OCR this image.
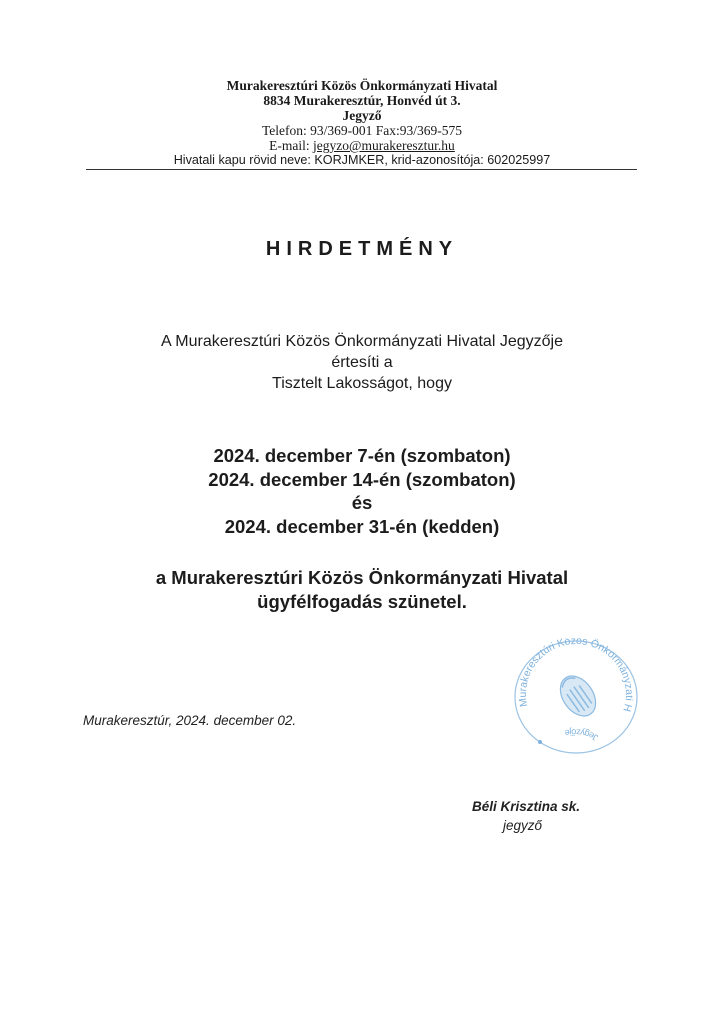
Murakeresztúri Közös Önkormányzati Hivatal
8834 Murakeresztúr, Honvéd út 3.
Jegyző
Telefon: 93/369-001 Fax:93/369-575
E-mail: jegyzo@murakeresztur.hu
Hivatali kapu rövid neve: KORJMKER, krid-azonosítója: 602025997
HIRDETMÉNY
A Murakeresztúri Közös Önkormányzati Hivatal Jegyzője
értesíti a
Tisztelt Lakosságot, hogy
2024. december 7-én (szombaton)
2024. december 14-én (szombaton)
és
2024. december 31-én (kedden)
a Murakeresztúri Közös Önkormányzati Hivatal
ügyfélfogadás szünetel.
Murakeresztúri Közös Önkormányzati H
Jegyzője
Murakeresztúr, 2024. december 02.
Béli Krisztina sk.
jegyző
